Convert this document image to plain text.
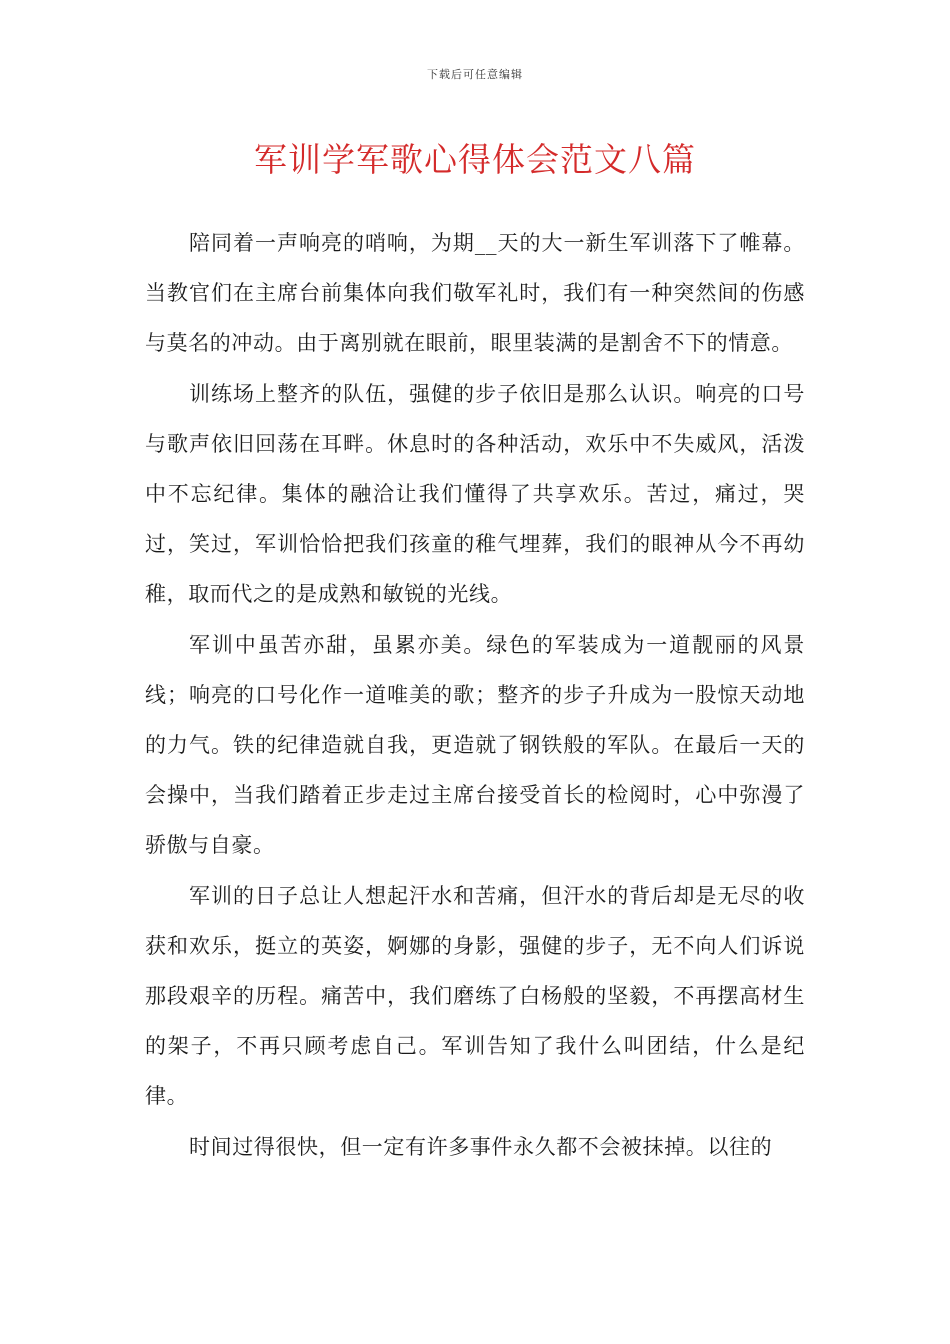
下载后可任意编辑
军训学军歌心得体会范文八篇

陪同着一声响亮的哨响，为期__天的大一新生军训落下了帷幕。当教官们在主席台前集体向我们敬军礼时，我们有一种突然间的伤感与莫名的冲动。由于离别就在眼前，眼里装满的是割舍不下的情意。

训练场上整齐的队伍，强健的步子依旧是那么认识。响亮的口号与歌声依旧回荡在耳畔。休息时的各种活动，欢乐中不失威风，活泼中不忘纪律。集体的融洽让我们懂得了共享欢乐。苦过，痛过，哭过，笑过，军训恰恰把我们孩童的稚气埋葬，我们的眼神从今不再幼稚，取而代之的是成熟和敏锐的光线。

军训中虽苦亦甜，虽累亦美。绿色的军装成为一道靓丽的风景线；响亮的口号化作一道唯美的歌；整齐的步子升成为一股惊天动地的力气。铁的纪律造就自我，更造就了钢铁般的军队。在最后一天的会操中，当我们踏着正步走过主席台接受首长的检阅时，心中弥漫了骄傲与自豪。

军训的日子总让人想起汗水和苦痛，但汗水的背后却是无尽的收获和欢乐，挺立的英姿，婀娜的身影，强健的步子，无不向人们诉说那段艰辛的历程。痛苦中，我们磨练了白杨般的坚毅，不再摆高材生的架子，不再只顾考虑自己。军训告知了我什么叫团结，什么是纪律。

时间过得很快，但一定有许多事件永久都不会被抹掉。以往的
